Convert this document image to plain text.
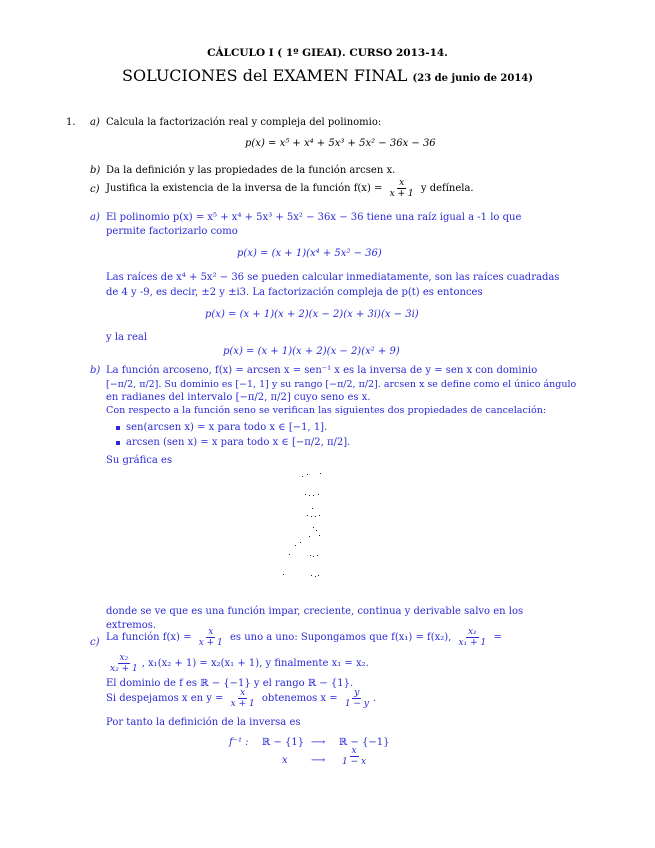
CÁLCULO I ( 1º GIEAI). CURSO 2013-14.
SOLUCIONES del EXAMEN FINAL (23 de junio de 2014)
1. a) Calcula la factorización real y compleja del polinomio:
p(x) = x⁵ + x⁴ + 5x³ + 5x² − 36x − 36
b) Da la definición y las propiedades de la función arcsen x.
c) Justifica la existencia de la inversa de la función $f(x) = \frac{x}{x + 1}$ y defínela.
a) El polinomio p(x) = x⁵ + x⁴ + 5x³ + 5x² − 36x − 36 tiene una raíz igual a -1 lo que
permite factorizarlo como
p(x) = (x + 1)(x⁴ + 5x² − 36)
Las raíces de x⁴ + 5x² − 36 se pueden calcular inmediatamente, son las raíces cuadradas
de 4 y -9, es decir, ±2 y ±i3. La factorización compleja de p(t) es entonces
p(x) = (x + 1)(x + 2)(x − 2)(x + 3i)(x − 3i)
y la real
p(x) = (x + 1)(x + 2)(x − 2)(x² + 9)
b) La función arcoseno, f(x) = arcsen x = sen⁻¹ x es la inversa de y = sen x con dominio
[−π/2, π/2]. Su dominio es [−1, 1] y su rango [−π/2, π/2]. arcsen x se define como el único ángulo
en radianes del intervalo [−π/2, π/2] cuyo seno es x.
Con respecto a la función seno se verifican las siguientes dos propiedades de cancelación:
sen(arcsen x) = x para todo x ∈ [−1, 1].
arcsen (sen x) = x para todo x ∈ [−π/2, π/2].
Su gráfica es
donde se ve que es una función impar, creciente, continua y derivable salvo en los
extremos.
c) La función $f(x) = \frac{x}{x + 1}$ es uno a uno: Supongamos que f(x₁) = f(x₂), $\frac{\text{x₁}}{\text{x₁ + 1}}$ =
$\frac{\text{x₂}}{\text{x₂ + 1}}$ , x₁(x₂ + 1) = x₂(x₁ + 1), y finalmente x₁ = x₂.
El dominio de f es ℝ − {−1} y el rango ℝ − {1}.
Si despejamos x en $y = \frac{x}{x + 1}$ obtenemos $x = \frac{y}{1 - y}$ .
Por tanto la definición de la inversa es
f⁻¹ : ℝ − {1} ⟶ ℝ − {−1}
x ⟶ $\frac{x}{1 - x}$
